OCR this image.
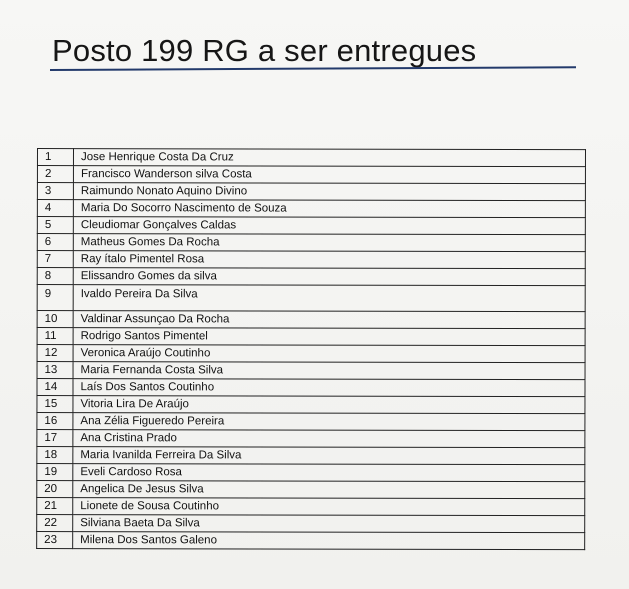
Posto 199 RG a ser entregues
1	Jose Henrique Costa Da Cruz
2	Francisco Wanderson silva Costa
3	Raimundo Nonato Aquino Divino
4	Maria Do Socorro Nascimento de Souza
5	Cleudiomar Gonçalves Caldas
6	Matheus Gomes Da Rocha
7	Ray ítalo Pimentel Rosa
8	Elissandro Gomes da silva
9	Ivaldo Pereira Da Silva
10	Valdinar Assunçao Da Rocha
11	Rodrigo Santos Pimentel
12	Veronica Araújo Coutinho
13	Maria Fernanda Costa Silva
14	Laís Dos Santos Coutinho
15	Vitoria Lira De Araújo
16	Ana Zélia Figueredo Pereira
17	Ana Cristina Prado
18	Maria Ivanilda Ferreira Da Silva
19	Eveli Cardoso Rosa
20	Angelica De Jesus Silva
21	Lionete de Sousa Coutinho
22	Silviana Baeta Da Silva
23	Milena Dos Santos Galeno
